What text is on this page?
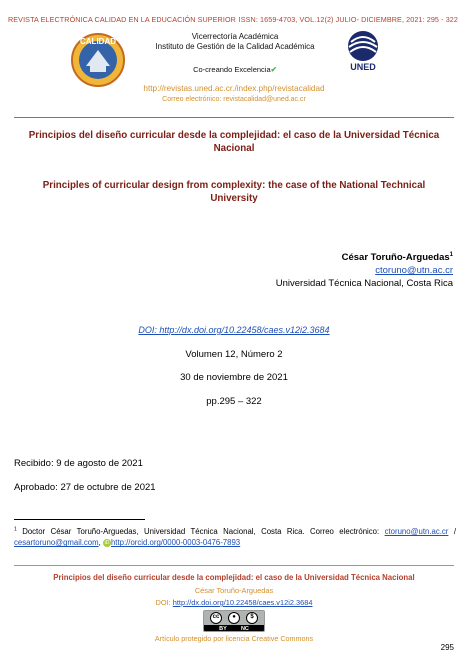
REVISTA ELECTRÓNICA CALIDAD EN LA EDUCACIÓN SUPERIOR ISSN: 1659-4703, VOL.12(2) JULIO- DICIEMBRE, 2021: 295 - 322
CALIDAD
Vicerrectoría Académica
Instituto de Gestión de la Calidad Académica
Co-creando Excelencia✔	UNED
http://revistas.uned.ac.cr./index.php/revistacalidad
Correo electrónico: revistacalidad@uned.ac.cr
Principios del diseño curricular desde la complejidad: el caso de la Universidad Técnica Nacional
Principles of curricular design from complexity: the case of the National Technical University
César Toruño-Arguedas$^1$
ctoruno@utn.ac.cr
Universidad Técnica Nacional, Costa Rica
DOI: http://dx.doi.org/10.22458/caes.v12i2.3684
Volumen 12, Número 2
30 de noviembre de 2021
pp.295 – 322
Recibido: 9 de agosto de 2021
Aprobado: 27 de octubre de 2021
$^1$ Doctor César Toruño-Arguedas, Universidad Técnica Nacional, Costa Rica. Correo electrónico: ctoruno@utn.ac.cr / cesartoruno@gmail.com, iD http://orcid.org/0000-0003-0476-7893
Principios del diseño curricular desde la complejidad: el caso de la Universidad Técnica Nacional
César Toruño-Arguedas
DOI: http://dx.doi.org/10.22458/caes.v12i2.3684
cc	●	$
BY	NC
Artículo protegido por licencia Creative Commons
295
